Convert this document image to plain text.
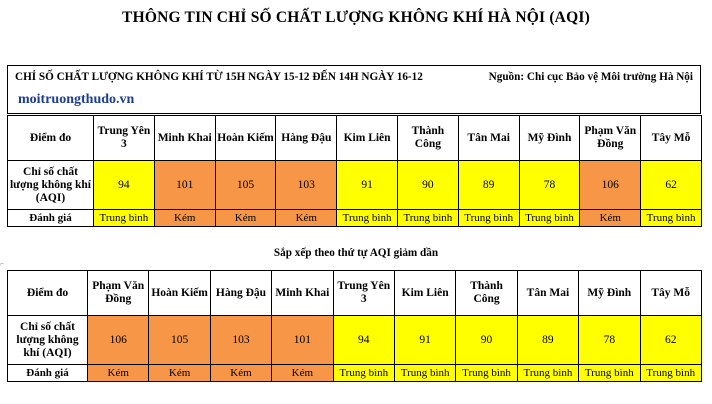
THÔNG TIN CHỈ SỐ CHẤT LƯỢNG KHÔNG KHÍ HÀ NỘI (AQI)
CHỈ SỐ CHẤT LƯỢNG KHÔNG KHÍ TỪ 15H NGÀY 15-12 ĐẾN 14H NGÀY 16-12	Nguồn: Chi cục Bảo vệ Môi trường Hà Nội
moitruongthudo.vn
Điểm đo	Trung Yên 3	Minh Khai	Hoàn Kiếm	Hàng Đậu	Kim Liên	Thành Công	Tân Mai	Mỹ Đình	Phạm Văn Đồng	Tây Mỗ
Chỉ số chất lượng không khí (AQI)	94	101	105	103	91	90	89	78	106	62
Đánh giá	Trung bình	Kém	Kém	Kém	Trung bình	Trung bình	Trung bình	Trung bình	Kém	Trung bình
Sắp xếp theo thứ tự AQI giảm dần
⌐
Điểm đo	Phạm Văn Đồng	Hoàn Kiếm	Hàng Đậu	Minh Khai	Trung Yên 3	Kim Liên	Thành Công	Tân Mai	Mỹ Đình	Tây Mỗ
Chỉ số chất lượng không khí (AQI)	106	105	103	101	94	91	90	89	78	62
Đánh giá	Kém	Kém	Kém	Kém	Trung bình	Trung bình	Trung bình	Trung bình	Trung bình	Trung bình
